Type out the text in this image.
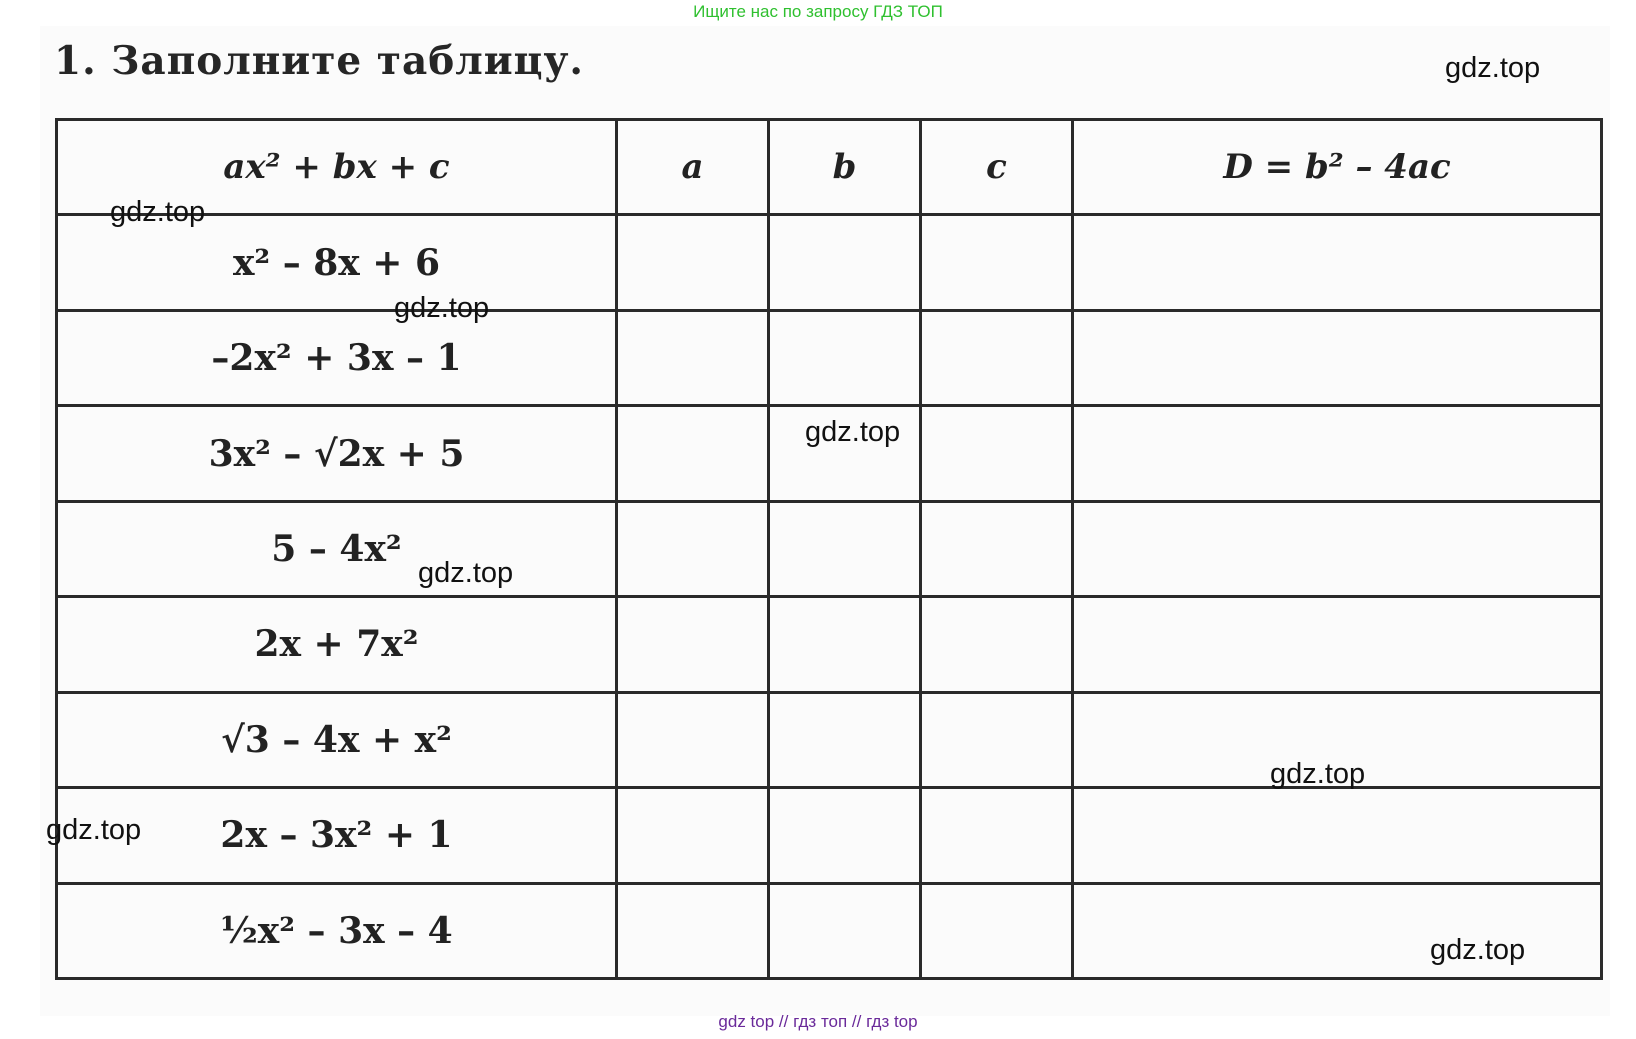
Ищите нас по запросу ГДЗ ТОП
1. Заполните таблицу.
ax² + bx + c	a	b	c	D = b² – 4ac
x² – 8x + 6				
–2x² + 3x – 1				
3x² – √2x + 5				
5 – 4x²				
2x + 7x²				
√3 – 4x + x²				
2x – 3x² + 1				
½x² – 3x – 4				
gdz.top
gdz.top
gdz.top
gdz.top
gdz.top
gdz.top
gdz.top
gdz.top
gdz top // гдз топ // гдз top
